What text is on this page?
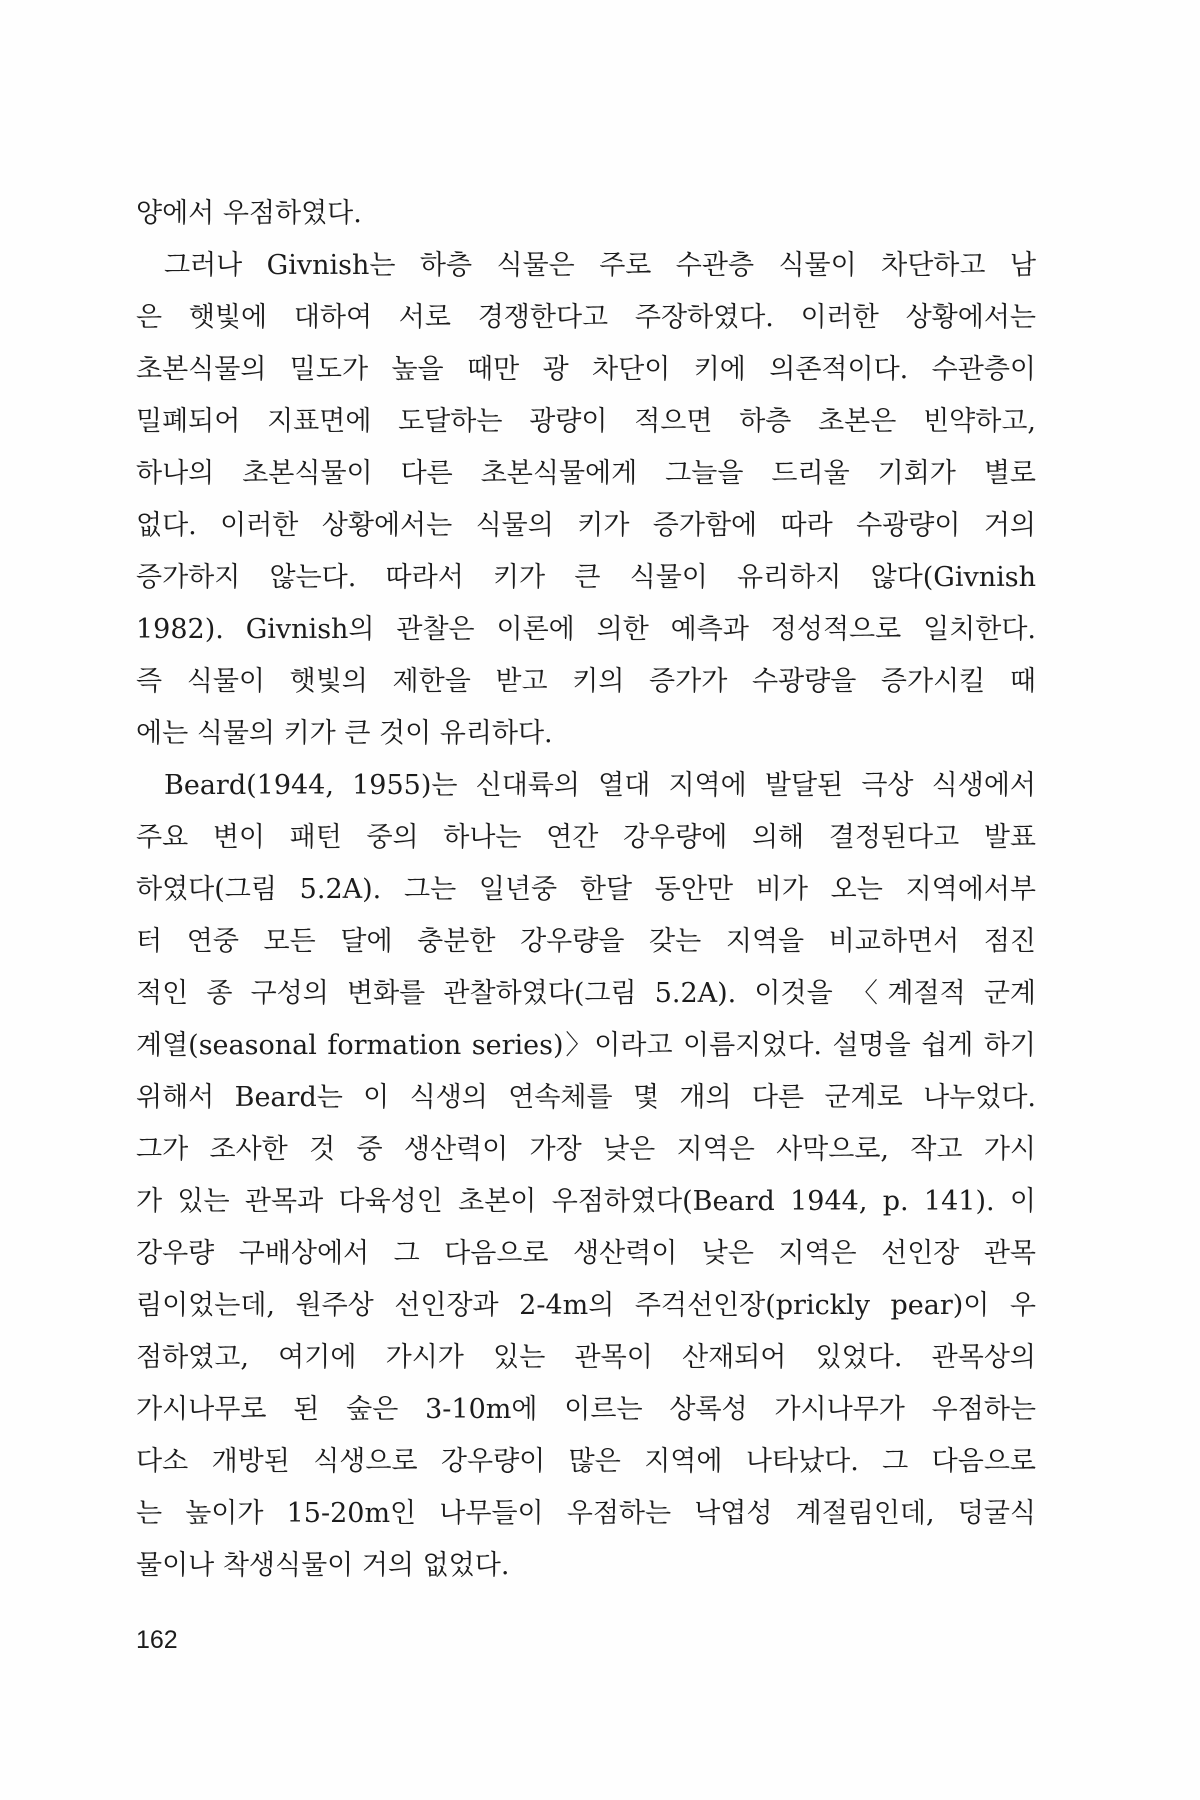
양에서 우점하였다.
그러나 Givnish는 하층 식물은 주로 수관층 식물이 차단하고 남
은 햇빛에 대하여 서로 경쟁한다고 주장하였다. 이러한 상황에서는
초본식물의 밀도가 높을 때만 광 차단이 키에 의존적이다. 수관층이
밀폐되어 지표면에 도달하는 광량이 적으면 하층 초본은 빈약하고,
하나의 초본식물이 다른 초본식물에게 그늘을 드리울 기회가 별로
없다. 이러한 상황에서는 식물의 키가 증가함에 따라 수광량이 거의
증가하지 않는다. 따라서 키가 큰 식물이 유리하지 않다(Givnish
1982). Givnish의 관찰은 이론에 의한 예측과 정성적으로 일치한다.
즉 식물이 햇빛의 제한을 받고 키의 증가가 수광량을 증가시킬 때
에는 식물의 키가 큰 것이 유리하다.
Beard(1944, 1955)는 신대륙의 열대 지역에 발달된 극상 식생에서
주요 변이 패턴 중의 하나는 연간 강우량에 의해 결정된다고 발표
하였다(그림 5.2A). 그는 일년중 한달 동안만 비가 오는 지역에서부
터 연중 모든 달에 충분한 강우량을 갖는 지역을 비교하면서 점진
적인 종 구성의 변화를 관찰하였다(그림 5.2A). 이것을 〈계절적 군계
계열(seasonal formation series)〉이라고 이름지었다. 설명을 쉽게 하기
위해서 Beard는 이 식생의 연속체를 몇 개의 다른 군계로 나누었다.
그가 조사한 것 중 생산력이 가장 낮은 지역은 사막으로, 작고 가시
가 있는 관목과 다육성인 초본이 우점하였다(Beard 1944, p. 141). 이
강우량 구배상에서 그 다음으로 생산력이 낮은 지역은 선인장 관목
림이었는데, 원주상 선인장과 2-4m의 주걱선인장(prickly pear)이 우
점하였고, 여기에 가시가 있는 관목이 산재되어 있었다. 관목상의
가시나무로 된 숲은 3-10m에 이르는 상록성 가시나무가 우점하는
다소 개방된 식생으로 강우량이 많은 지역에 나타났다. 그 다음으로
는 높이가 15-20m인 나무들이 우점하는 낙엽성 계절림인데, 덩굴식
물이나 착생식물이 거의 없었다.
162
